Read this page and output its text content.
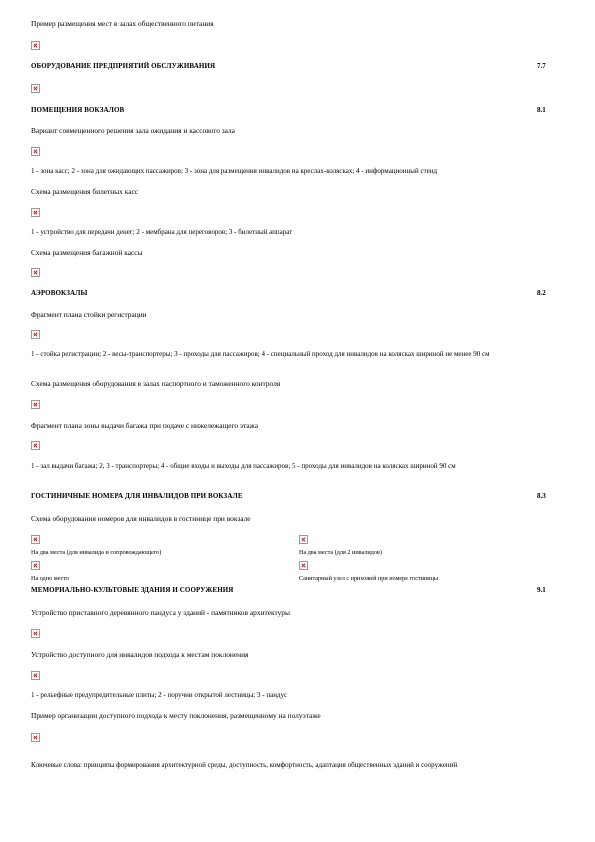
Пример размещения мест в залах общественного питания
ОБОРУДОВАНИЕ ПРЕДПРИЯТИЙ ОБСЛУЖИВАНИЯ	7.7
ПОМЕЩЕНИЯ ВОКЗАЛОВ	8.1
Вариант совмещенного решения зала ожидания и кассового зала
1 - зона касс; 2 - зона для ожидающих пассажиров; 3 - зона для размещения инвалидов на креслах-колясках; 4 - информационный стенд
Схема размещения билетных касс
1 - устройство для передачи денег; 2 - мембрана для переговоров; 3 - билетный аппарат
Схема размещения багажной кассы
АЭРОВОКЗАЛЫ	8.2
Фрагмент плана стойки регистрации
1 - стойка регистрации; 2 - весы-транспортеры; 3 - проходы для пассажиров; 4 - специальный проход для инвалидов на колясках шириной не менее 90 см
Схема размещения оборудования в залах паспортного и таможенного контроля
Фрагмент плана зоны выдачи багажа при подаче с нижележащего этажа
1 - зал выдачи багажа; 2, 3 - транспортеры; 4 - общие входы и выходы для пассажиров; 5 - проходы для инвалидов на колясках шириной 90 см
ГОСТИНИЧНЫЕ НОМЕРА ДЛЯ ИНВАЛИДОВ ПРИ ВОКЗАЛЕ	8.3
Схема оборудования номеров для инвалидов в гостинице при вокзале
На два места (для инвалида и сопровождающего)	На два места (для 2 инвалидов)
На одно место	Санитарный узел с прихожей при номере гостиницы
МЕМОРИАЛЬНО-КУЛЬТОВЫЕ ЗДАНИЯ И СООРУЖЕНИЯ	9.1
Устройство приставного деревянного пандуса у зданий - памятников архитектуры
Устройство доступного для инвалидов подхода к местам поклонения
1 - рельефные предупредительные плиты; 2 - поручни открытой лестницы; 3 - пандус
Пример организации доступного подхода к месту поклонения, размещенному на полуэтаже
Ключевые слова: принципы формирования архитектурной среды, доступность, комфортность, адаптация общественных зданий и сооружений
